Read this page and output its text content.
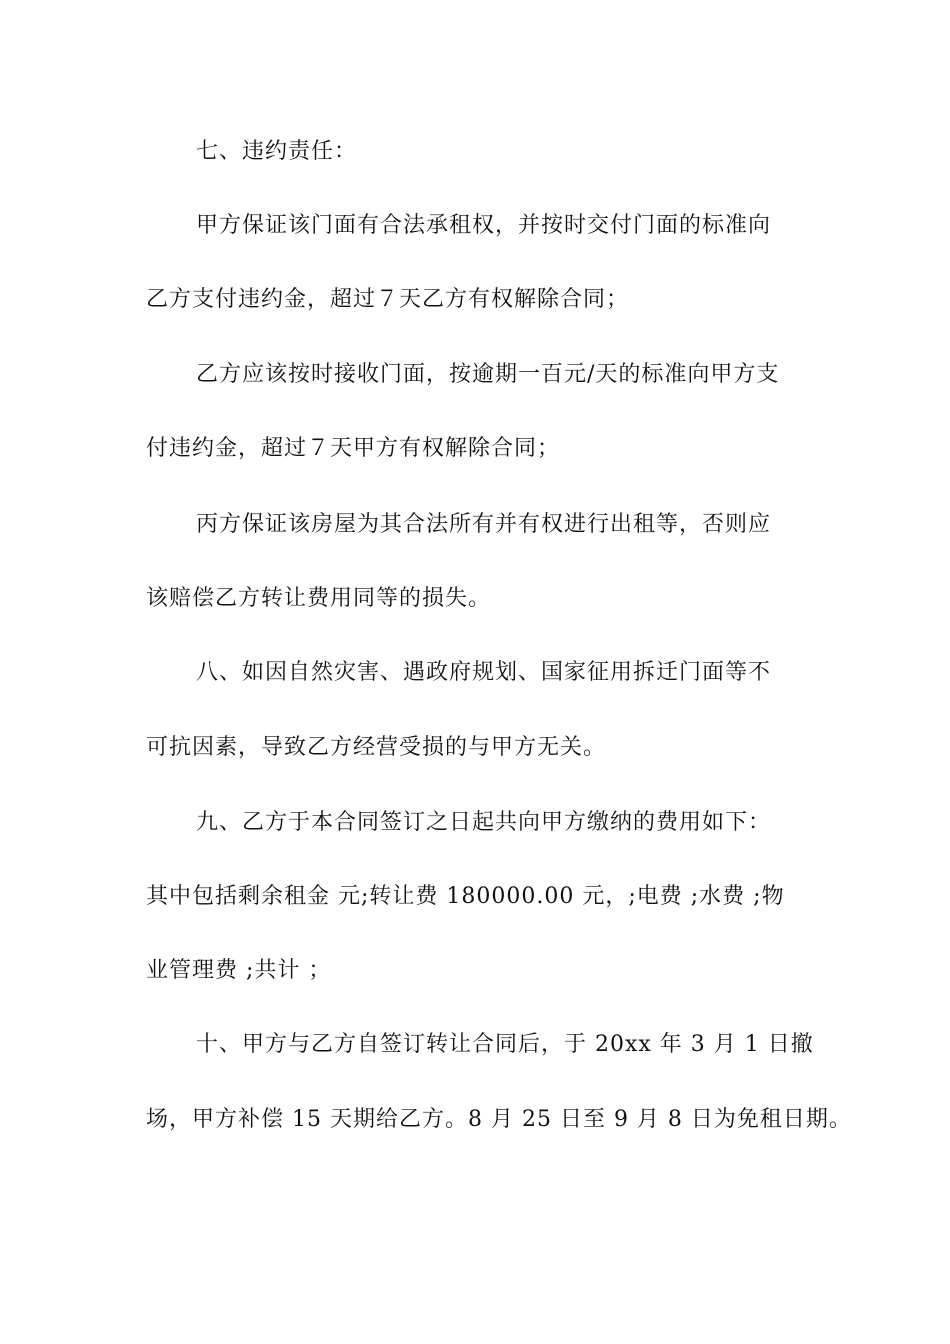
七、违约责任：
甲方保证该门面有合法承租权，并按时交付门面的标准向
乙方支付违约金，超过７天乙方有权解除合同；
乙方应该按时接收门面，按逾期一百元/天的标准向甲方支
付违约金，超过７天甲方有权解除合同；
丙方保证该房屋为其合法所有并有权进行出租等，否则应
该赔偿乙方转让费用同等的损失。
八、如因自然灾害、遇政府规划、国家征用拆迁门面等不
可抗因素，导致乙方经营受损的与甲方无关。
九、乙方于本合同签订之日起共向甲方缴纳的费用如下：
其中包括剩余租金 元;转让费 180000.00 元，;电费 ;水费 ;物
业管理费 ;共计 ；
十、甲方与乙方自签订转让合同后，于 20xx 年 3 月 1 日撤
场，甲方补偿 15 天期给乙方。8 月 25 日至 9 月 8 日为免租日期。
